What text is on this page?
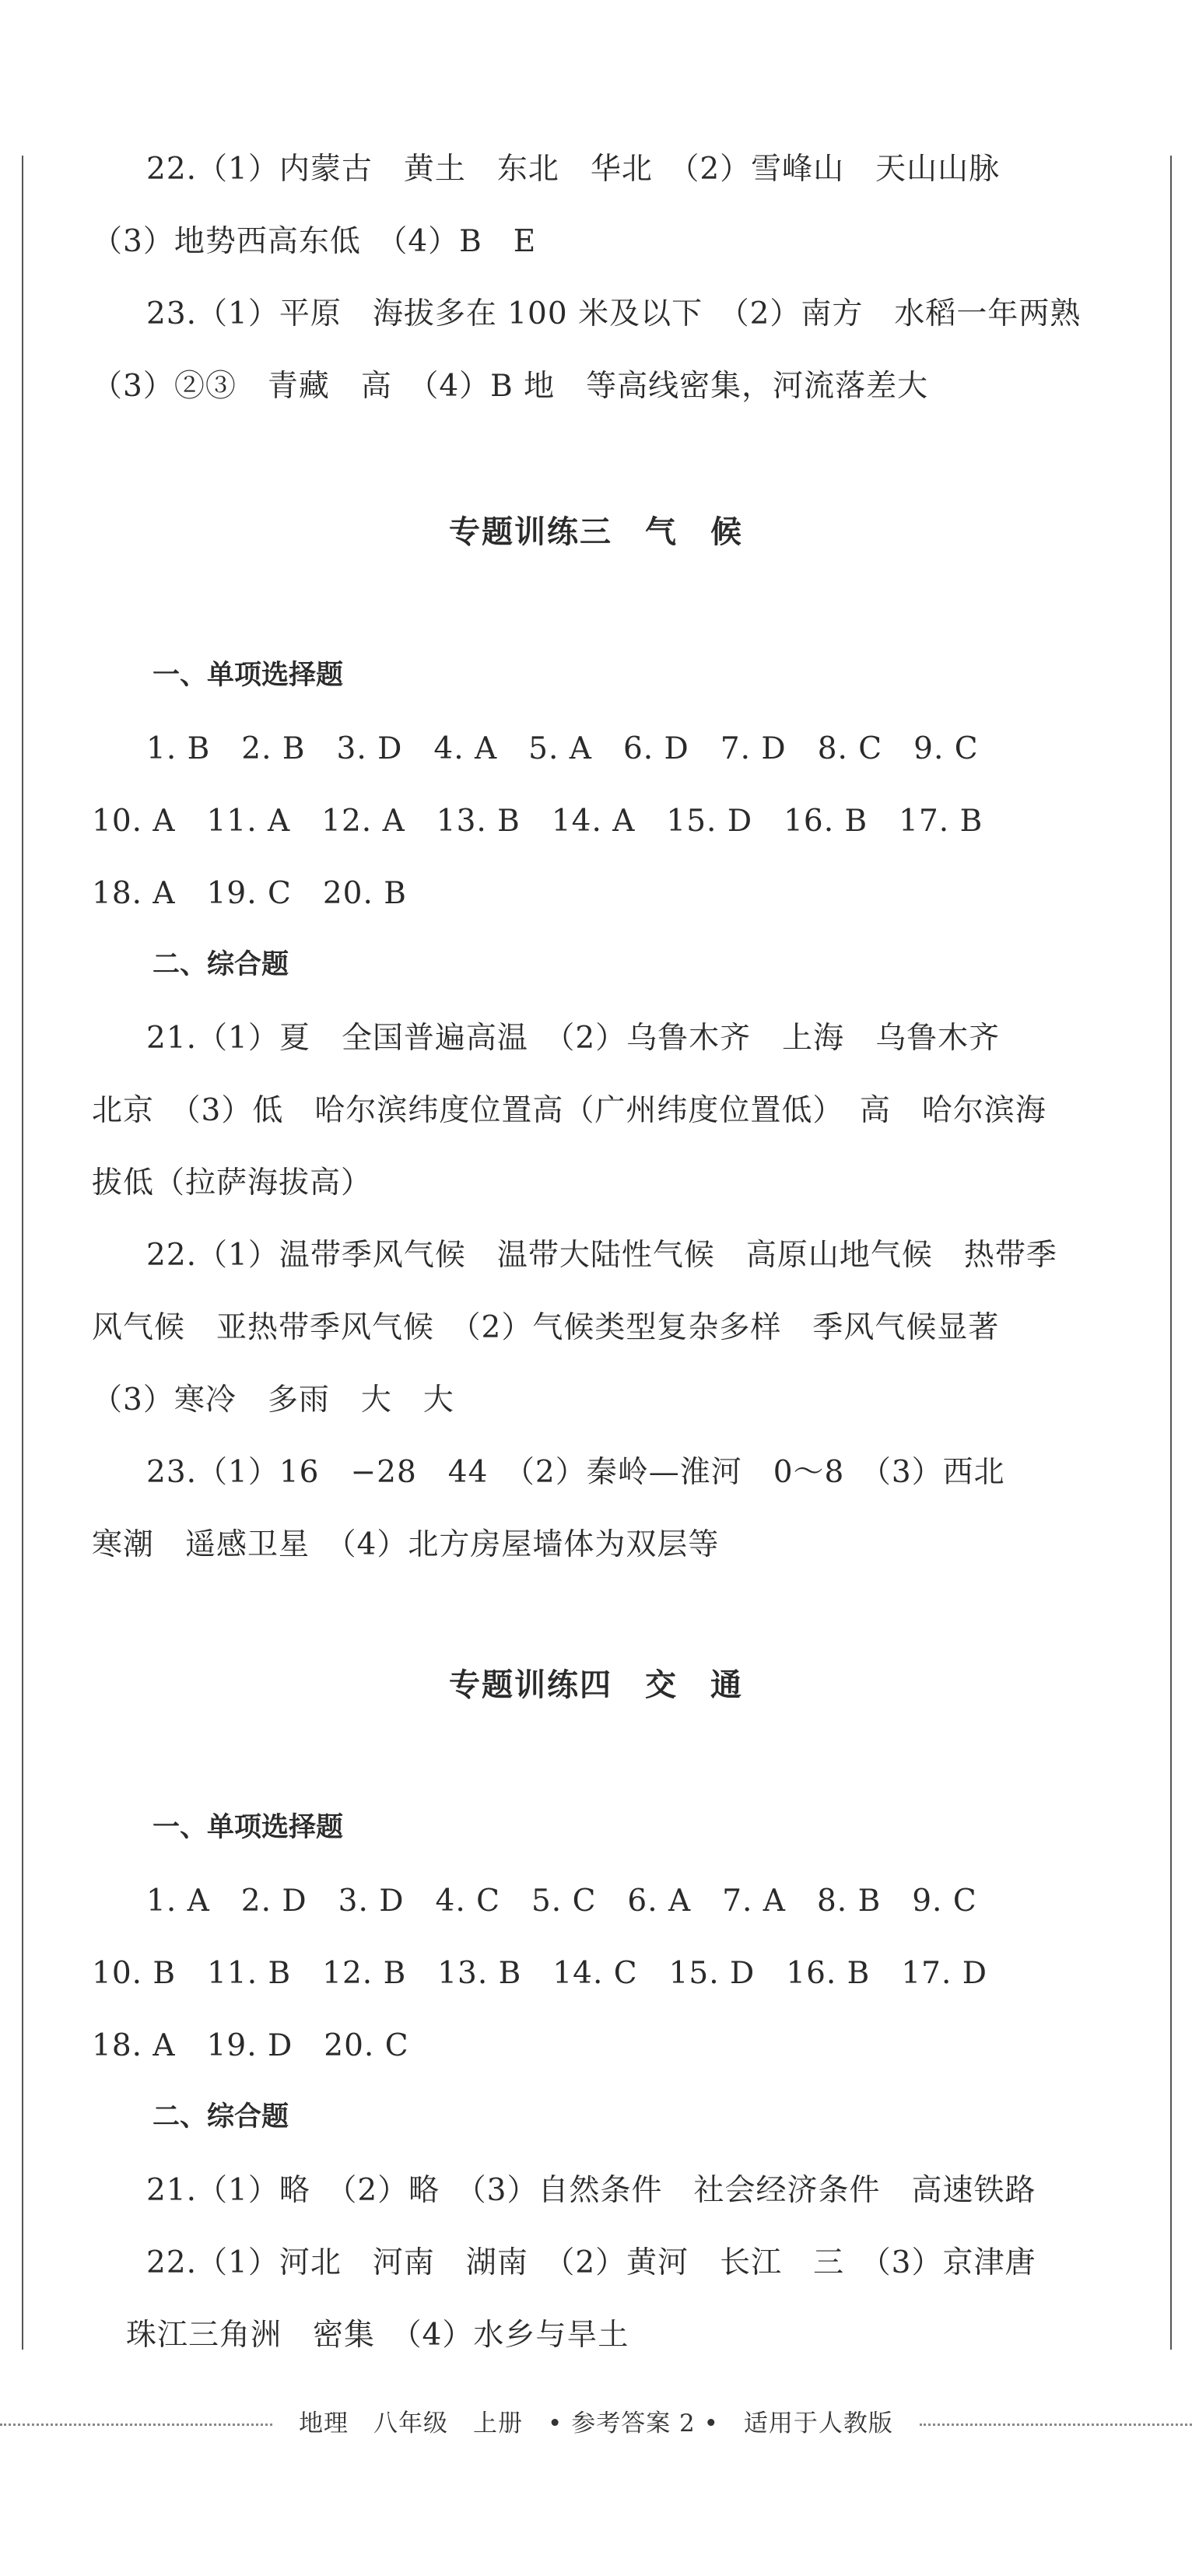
22.（1）内蒙古　黄土　东北　华北　（2）雪峰山　天山山脉
（3）地势西高东低　（4）B　E
23.（1）平原　海拔多在 100 米及以下　（2）南方　水稻一年两熟
（3）②③　青藏　高　（4）B 地　等高线密集，河流落差大
专题训练三　气　候
一、单项选择题
1. B　2. B　3. D　4. A　5. A　6. D　7. D　8. C　9. C
10. A　11. A　12. A　13. B　14. A　15. D　16. B　17. B
18. A　19. C　20. B
二、综合题
21.（1）夏　全国普遍高温　（2）乌鲁木齐　上海　乌鲁木齐
北京　（3）低　哈尔滨纬度位置高（广州纬度位置低）　高　哈尔滨海
拔低（拉萨海拔高）
22.（1）温带季风气候　温带大陆性气候　高原山地气候　热带季
风气候　亚热带季风气候　（2）气候类型复杂多样　季风气候显著
（3）寒冷　多雨　大　大
23.（1）16　−28　44　（2）秦岭—淮河　0～8　（3）西北
寒潮　遥感卫星　（4）北方房屋墙体为双层等
专题训练四　交　通
一、单项选择题
1. A　2. D　3. D　4. C　5. C　6. A　7. A　8. B　9. C
10. B　11. B　12. B　13. B　14. C　15. D　16. B　17. D
18. A　19. D　20. C
二、综合题
21.（1）略　（2）略　（3）自然条件　社会经济条件　高速铁路
22.（1）河北　河南　湖南　（2）黄河　长江　三　（3）京津唐
珠江三角洲　密集　（4）水乡与旱土
地理　八年级　上册　• 参考答案 2 •　适用于人教版
